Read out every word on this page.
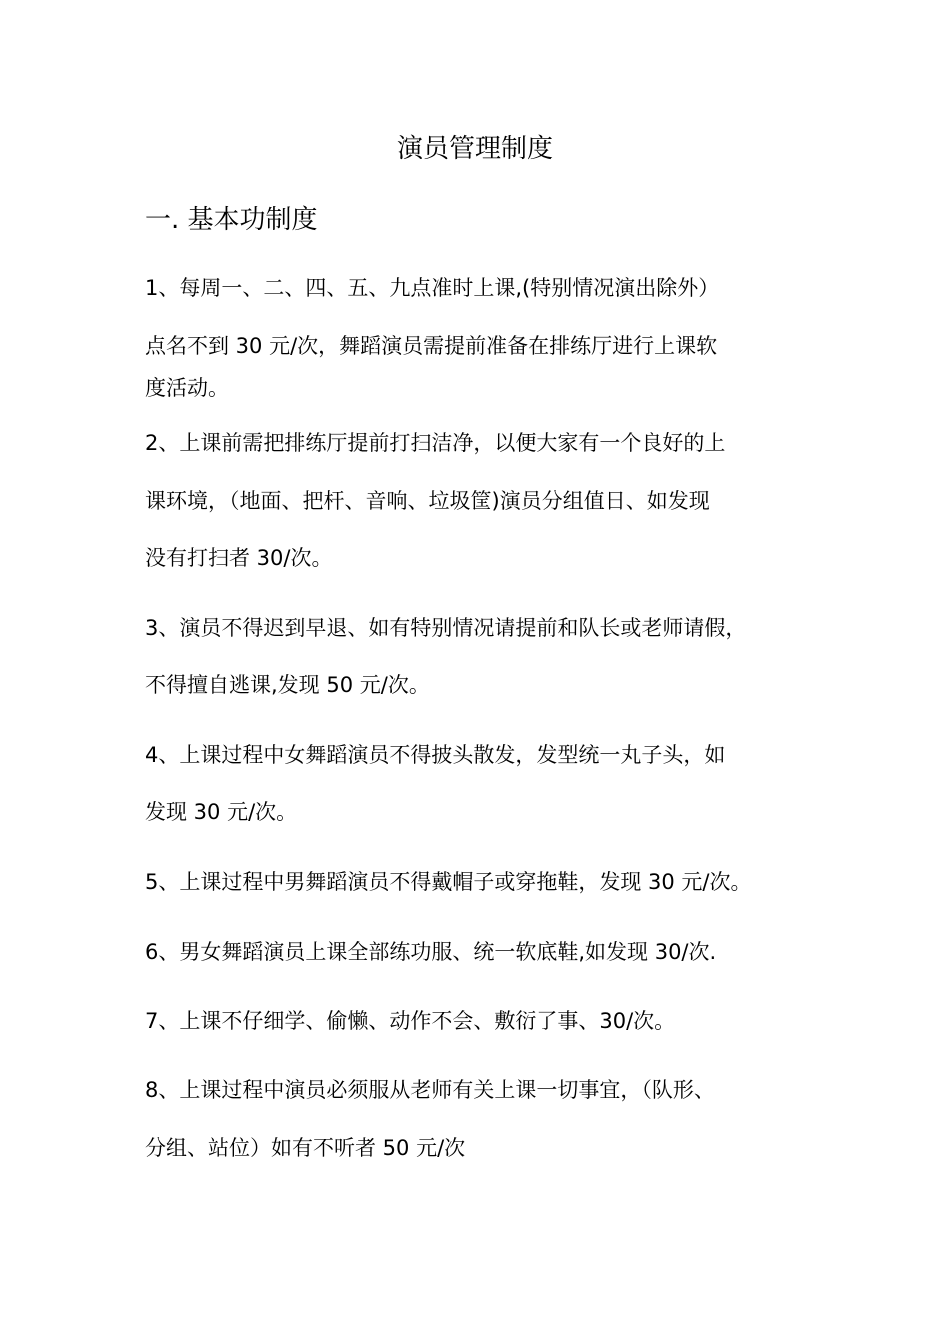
演员管理制度
一. 基本功制度

1、每周一、二、四、五、九点准时上课,(特别情况演出除外）

点名不到 30 元/次，舞蹈演员需提前准备在排练厅进行上课软

度活动。

2、上课前需把排练厅提前打扫洁净，以便大家有一个良好的上

课环境，（地面、把杆、音响、垃圾筐)演员分组值日、如发现

没有打扫者 30/次。

3、演员不得迟到早退、如有特别情况请提前和队长或老师请假，

不得擅自逃课,发现 50 元/次。

4、上课过程中女舞蹈演员不得披头散发，发型统一丸子头，如

发现 30 元/次。

5、上课过程中男舞蹈演员不得戴帽子或穿拖鞋，发现 30 元/次。

6、男女舞蹈演员上课全部练功服、统一软底鞋,如发现 30/次.

7、上课不仔细学、偷懒、动作不会、敷衍了事、30/次。

8、上课过程中演员必须服从老师有关上课一切事宜，（队形、

分组、站位）如有不听者 50 元/次
